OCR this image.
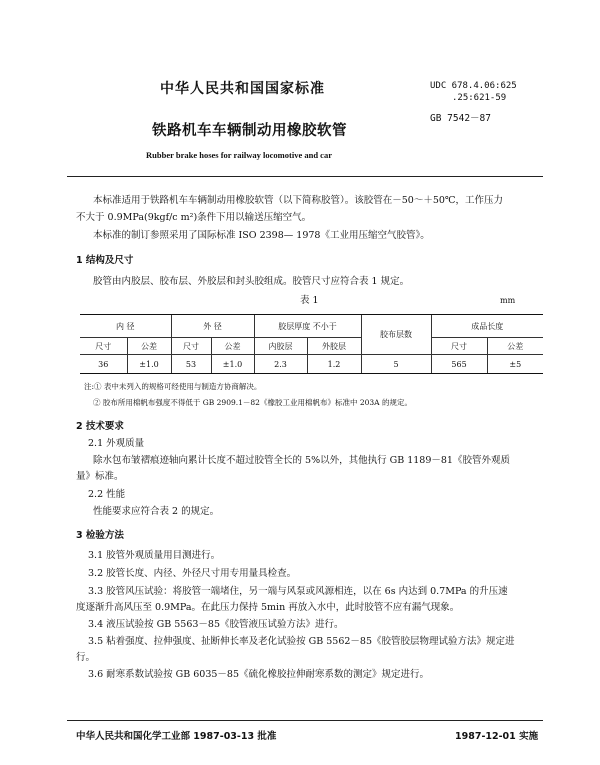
中华人民共和国国家标准	UDC 678.4.06:625
.25:621-59
GB 7542－87
铁路机车车辆制动用橡胶软管
Rubber brake hoses for railway locomotive and car
本标准适用于铁路机车车辆制动用橡胶软管（以下简称胶管）。该胶管在－50～＋50℃，工作压力
不大于 0.9MPa(9kgf/c m²)条件下用以输送压缩空气。
本标准的制订参照采用了国际标准 ISO 2398— 1978《工业用压缩空气胶管》。
1 结构及尺寸
胶管由内胶层、胶布层、外胶层和封头胶组成。胶管尺寸应符合表 1 规定。
表 1	mm
内 径		外 径		胶层厚度 不小于		胶布层数	成品长度	
尺寸	公差	尺寸	公差	内胶层	外胶层		尺寸	公差
36	±1.0	53	±1.0	2.3	1.2	5	565	±5
注:① 表中未列入的规格可经使用与制造方协商解决。
② 胶布所用棉帆布强度不得低于 GB 2909.1－82《橡胶工业用棉帆布》标准中 203A 的规定。
2 技术要求
2.1 外观质量
除水包布皱褶痕迹轴向累计长度不超过胶管全长的 5%以外，其他执行 GB 1189－81《胶管外观质
量》标准。
2.2 性能
性能要求应符合表 2 的规定。
3 检验方法
3.1 胶管外观质量用目测进行。
3.2 胶管长度、内径、外径尺寸用专用量具检查。
3.3 胶管风压试验：将胶管一端堵住，另一端与风泵或风源相连，以在 6s 内达到 0.7MPa 的升压速
度逐渐升高风压至 0.9MPa。在此压力保持 5min 再放入水中，此时胶管不应有漏气现象。
3.4 液压试验按 GB 5563－85《胶管液压试验方法》进行。
3.5 粘着强度、拉伸强度、扯断伸长率及老化试验按 GB 5562－85《胶管胶层物理试验方法》规定进
行。
3.6 耐寒系数试验按 GB 6035－85《硫化橡胶拉伸耐寒系数的测定》规定进行。
中华人民共和国化学工业部 1987-03-13 批准	1987-12-01 实施
